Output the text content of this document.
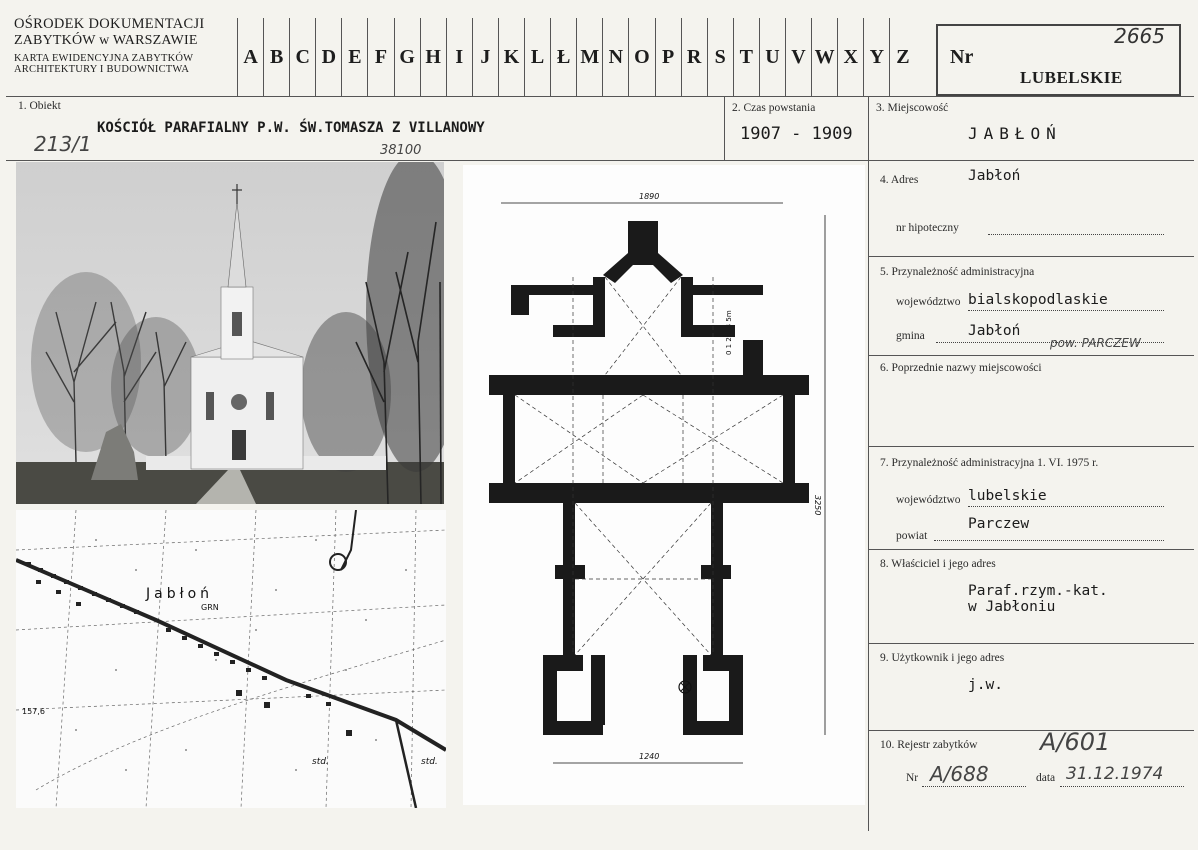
OŚRODEK DOKUMENTACJI
ZABYTKÓW w WARSZAWIE
KARTA EWIDENCYJNA ZABYTKÓW
ARCHITEKTURY I BUDOWNICTWA
A B C D E F G H I J K L Ł M N O P R S T U V W X Y Z Nr
2665
LUBELSKIE
1. Obiekt
KOŚCIÓŁ PARAFIALNY P.W. ŚW.TOMASZA Z VILLANOWY
213/1	38100
2. Czas powstania
1907 - 1909
3. Miejscowość
JABŁOŃ
4. Adres	Jabłoń
nr hipoteczny
5. Przynależność administracyjna
województwo bialskopodlaskie
gmina	Jabłoń
pow. PARCZEW
6. Poprzednie nazwy miejscowości
7. Przynależność administracyjna 1. VI. 1975 r.
województwo lubelskie
powiat
Parczew
8. Właściciel i jego adres
Paraf.rzym.-kat.
w Jabłoniu
9. Użytkownik i jego adres
j.w.
10. Rejestr zabytków	A/601
Nr A/688	data 31.12.1974
Jabłoń
GRN
157,6
std.	std.
1890
1240
3250
